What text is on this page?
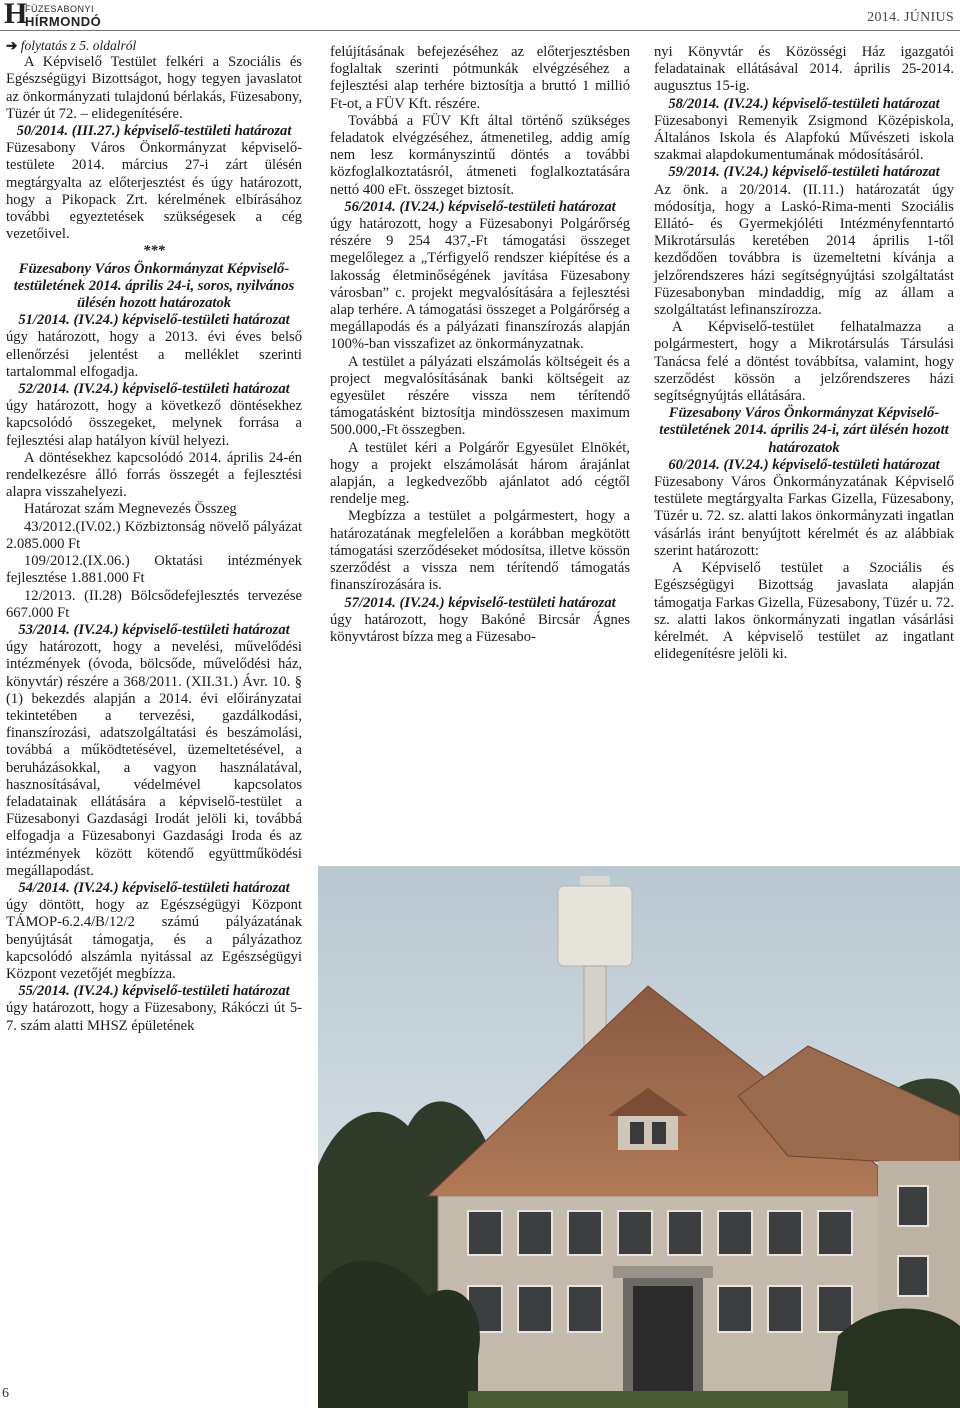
H
FÜZESABONYI
HÍRMONDÓ	2014. JÚNIUS

➔ folytatás z 5. oldalról

A Képviselő Testület felkéri a Szociális és Egészségügyi Bizottságot, hogy tegyen javaslatot az önkormányzati tulajdonú bérlakás, Füzesabony, Tüzér út 72. – elidegenítésére.

50/2014. (III.27.) képviselő-testületi határozat

Füzesabony Város Önkormányzat képviselő-testülete 2014. március 27-i zárt ülésén megtárgyalta az előterjesztést és úgy határozott, hogy a Pikopack Zrt. kérelmének elbírásához további egyeztetések szükségesek a cég vezetőivel.

***

Füzesabony Város Önkormányzat Képviselő-testületének 2014. április 24-i, soros, nyilvános ülésén hozott határozatok

51/2014. (IV.24.) képviselő-testületi határozat

úgy határozott, hogy a 2013. évi éves belső ellenőrzési jelentést a melléklet szerinti tartalommal elfogadja.

52/2014. (IV.24.) képviselő-testületi határozat

úgy határozott, hogy a következő döntésekhez kapcsolódó összegeket, melynek forrása a fejlesztési alap hatályon kívül helyezi.

A döntésekhez kapcsolódó 2014. április 24-én rendelkezésre álló forrás összegét a fejlesztési alapra visszahelyezi.

Határozat szám Megnevezés Összeg

43/2012.(IV.02.) Közbiztonság növelő pályázat 2.085.000 Ft

109/2012.(IX.06.) Oktatási intézmények fejlesztése 1.881.000 Ft

12/2013. (II.28) Bölcsődefejlesztés tervezése 667.000 Ft

53/2014. (IV.24.) képviselő-testületi határozat

úgy határozott, hogy a nevelési, művelődési intézmények (óvoda, bölcsőde, művelődési ház, könyvtár) részére a 368/2011. (XII.31.) Ávr. 10. § (1) bekezdés alapján a 2014. évi előirányzatai tekintetében a tervezési, gazdálkodási, finanszírozási, adatszolgáltatási és beszámolási, továbbá a működtetésével, üzemeltetésével, a beruházásokkal, a vagyon használatával, hasznosításával, védelmével kapcsolatos feladatainak ellátására a képviselő-testület a Füzesabonyi Gazdasági Irodát jelöli ki, továbbá elfogadja a Füzesabonyi Gazdasági Iroda és az intézmények között kötendő együttműködési megállapodást.

54/2014. (IV.24.) képviselő-testületi határozat

úgy döntött, hogy az Egészségügyi Központ TÁMOP-6.2.4/B/12/2 számú pályázatának benyújtását támogatja, és a pályázathoz kapcsolódó alszámla nyitással az Egészségügyi Központ vezetőjét megbízza.

55/2014. (IV.24.) képviselő-testületi határozat

úgy határozott, hogy a Füzesabony, Rákóczi út 5-7. szám alatti MHSZ épületének

felújításának befejezéséhez az előterjesztésben foglaltak szerinti pótmunkák elvégzéséhez a fejlesztési alap terhére biztosítja a bruttó 1 millió Ft-ot, a FÜV Kft. részére.

Továbbá a FÜV Kft által történő szükséges feladatok elvégzéséhez, átmenetileg, addig amíg nem lesz kormányszintű döntés a további közfoglalkoztatásról, átmeneti foglalkoztatására nettó 400 eFt. összeget biztosít.

56/2014. (IV.24.) képviselő-testületi határozat

úgy határozott, hogy a Füzesabonyi Polgárőrség részére 9 254 437,-Ft támogatási összeget megelőlegez a „Térfigyelő rendszer kiépítése és a lakosság életminőségének javítása Füzesabony városban” c. projekt megvalósítására a fejlesztési alap terhére. A támogatási összeget a Polgárőrség a megállapodás és a pályázati finanszírozás alapján 100%-ban visszafizet az önkormányzatnak.

A testület a pályázati elszámolás költségeit és a project megvalósításának banki költségeit az egyesület részére vissza nem térítendő támogatásként biztosítja mindösszesen maximum 500.000,-Ft összegben.

A testület kéri a Polgárőr Egyesület Elnökét, hogy a projekt elszámolását három árajánlat alapján, a legkedvezőbb ajánlatot adó cégtől rendelje meg.

Megbízza a testület a polgármestert, hogy a határozatának megfelelően a korábban megkötött támogatási szerződéseket módosítsa, illetve kössön szerződést a vissza nem térítendő támogatás finanszírozására is.

57/2014. (IV.24.) képviselő-testületi határozat

úgy határozott, hogy Bakóné Bircsár Ágnes könyvtárost bízza meg a Füzesabo-

nyi Könyvtár és Közösségi Ház igazgatói feladatainak ellátásával 2014. április 25-2014. augusztus 15-ig.

58/2014. (IV.24.) képviselő-testületi határozat

Füzesabonyi Remenyik Zsigmond Középiskola, Általános Iskola és Alapfokú Művészeti iskola szakmai alapdokumentumának módosításáról.

59/2014. (IV.24.) képviselő-testületi határozat

Az önk. a 20/2014. (II.11.) határozatát úgy módosítja, hogy a Laskó-Rima-menti Szociális Ellátó- és Gyermekjóléti Intézményfenntartó Mikrotársulás keretében 2014 április 1-től kezdődően továbbra is üzemeltetni kívánja a jelzőrendszeres házi segítségnyújtási szolgáltatást Füzesabonyban mindaddig, míg az állam a szolgáltatást lefinanszírozza.

A Képviselő-testület felhatalmazza a polgármestert, hogy a Mikrotársulás Társulási Tanácsa felé a döntést továbbítsa, valamint, hogy szerződést kössön a jelzőrendszeres házi segítségnyújtás ellátására.

Füzesabony Város Önkormányzat Képviselő-testületének 2014. április 24-i, zárt ülésén hozott határozatok

60/2014. (IV.24.) képviselő-testületi határozat

Füzesabony Város Önkormányzatának Képviselő testülete megtárgyalta Farkas Gizella, Füzesabony, Tüzér u. 72. sz. alatti lakos önkormányzati ingatlan vásárlás iránt benyújtott kérelmét és az alábbiak szerint határozott:

A Képviselő testület a Szociális és Egészségügyi Bizottság javaslata alapján támogatja Farkas Gizella, Füzesabony, Tüzér u. 72. sz. alatti lakos önkormányzati ingatlan vásárlási kérelmét. A képviselő testület az ingatlant elidegenítésre jelöli ki.

6
